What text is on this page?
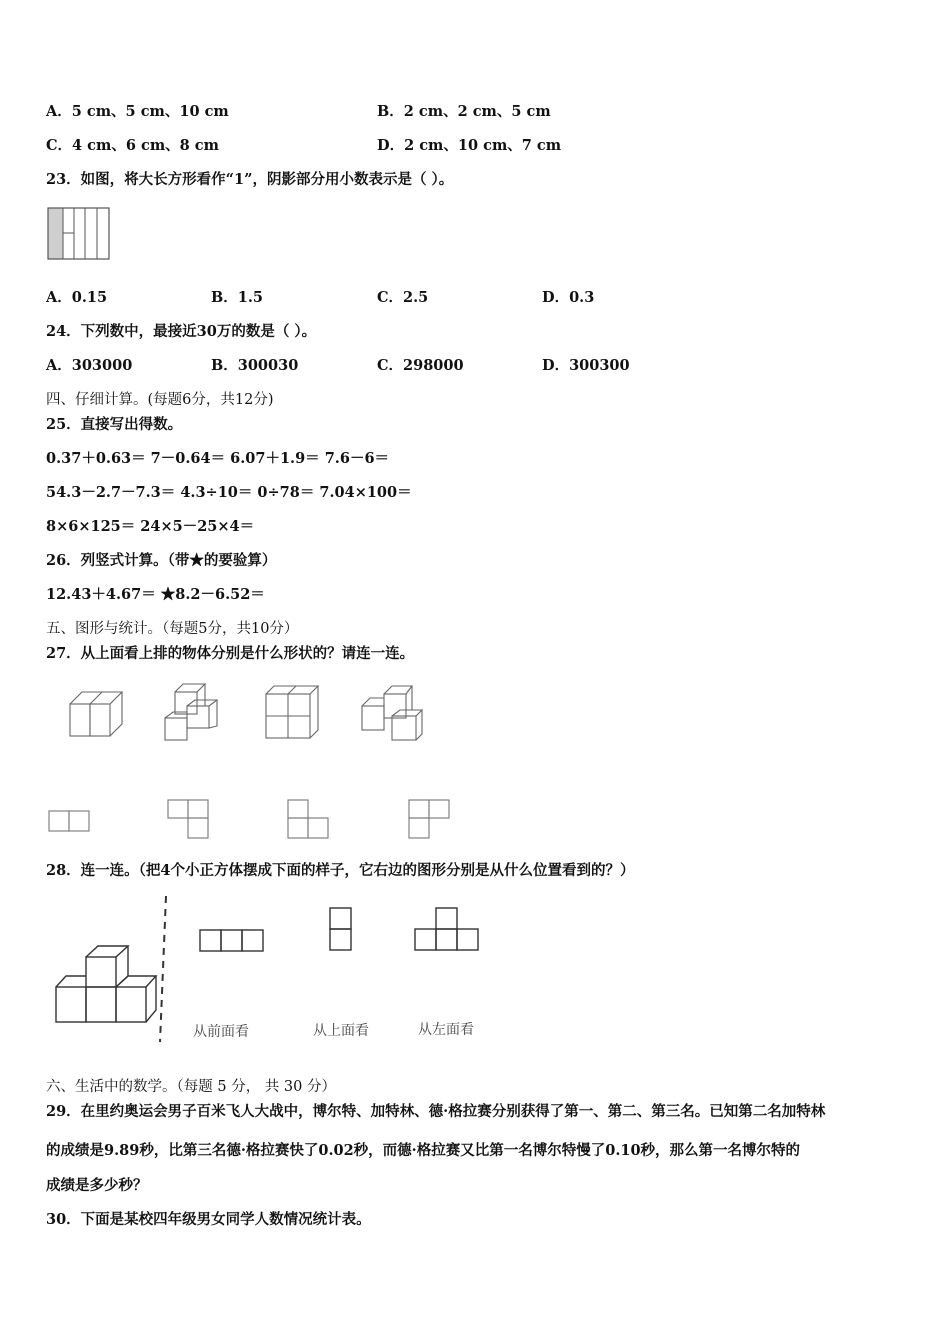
A．5 cm、5 cm、10 cm	B．2 cm、2 cm、5 cm
C．4 cm、6 cm、8 cm	D．2 cm、10 cm、7 cm
23．如图，将大长方形看作“1”，阴影部分用小数表示是（ ）。
A．0.15	B．1.5	C．2.5	D．0.3
24．下列数中，最接近30万的数是（ ）。
A．303000	B．300030	C．298000	D．300300
四、仔细计算。(每题6分，共12分)
25．直接写出得数。
0.37＋0.63＝ 7－0.64＝ 6.07＋1.9＝ 7.6－6＝
54.3－2.7－7.3＝ 4.3÷10＝ 0÷78＝ 7.04×100＝
8×6×125＝ 24×5－25×4＝
26．列竖式计算。（带★的要验算）
12.43＋4.67＝ ★8.2－6.52＝
五、图形与统计。（每题5分，共10分）
27．从上面看上排的物体分别是什么形状的？请连一连。
28．连一连。（把4个小正方体摆成下面的样子，它右边的图形分别是从什么位置看到的？）
从前面看	从上面看	从左面看
六、生活中的数学。（每题 5 分， 共 30 分）
29．在里约奥运会男子百米飞人大战中，博尔特、加特林、德·格拉赛分别获得了第一、第二、第三名。已知第二名加特林
的成绩是9.89秒，比第三名德·格拉赛快了0.02秒，而德·格拉赛又比第一名博尔特慢了0.10秒，那么第一名博尔特的
成绩是多少秒？
30．下面是某校四年级男女同学人数情况统计表。
